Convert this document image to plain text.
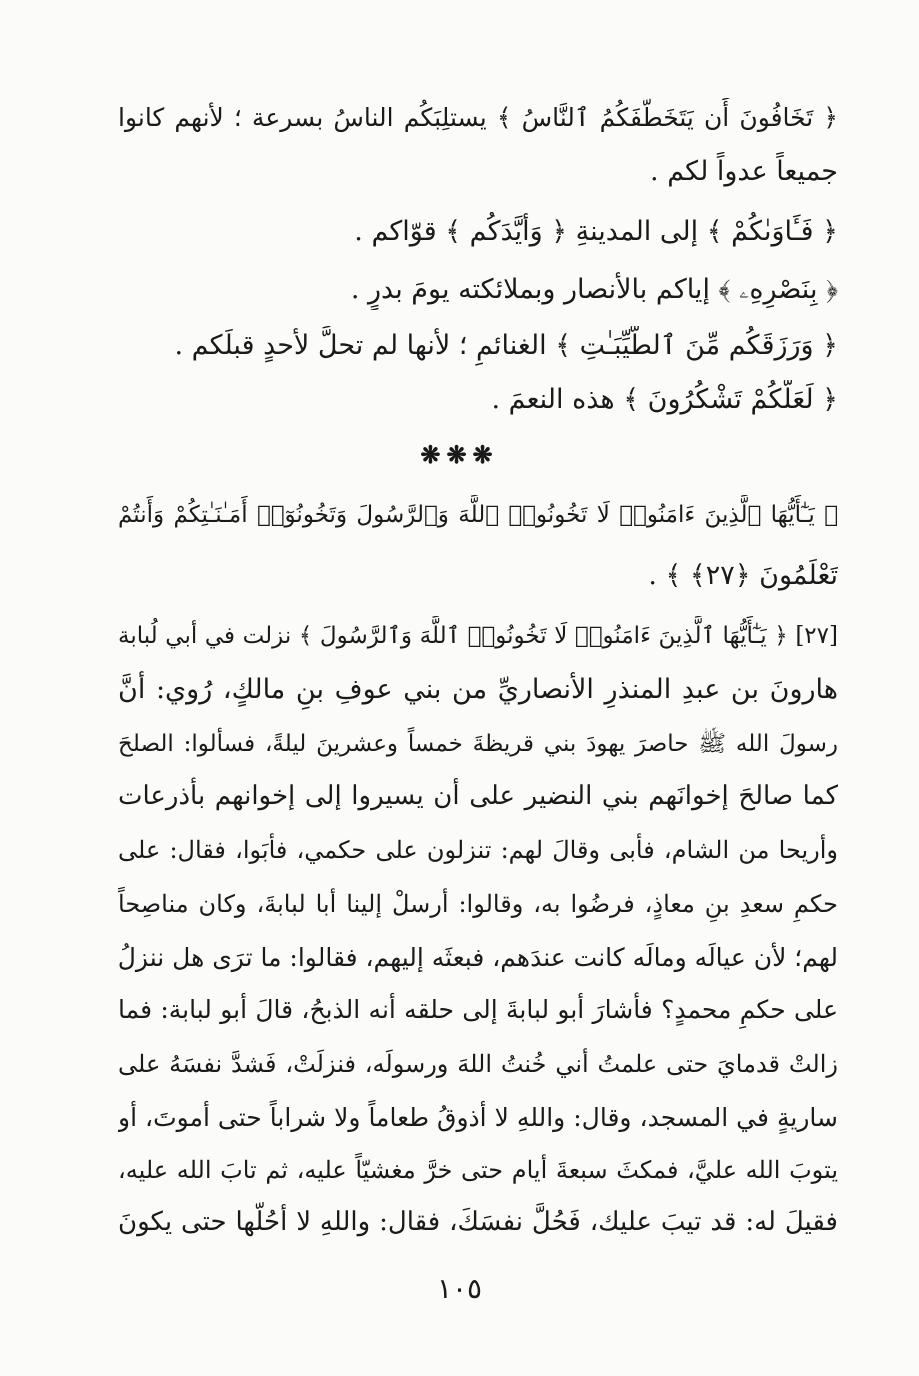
﴿ تَخَافُونَ أَن يَتَخَطَّفَكُمُ ٱلنَّاسُ ﴾ يستلِبَكُم الناسُ بسرعة ؛ لأنهم كانوا
جميعاً عدواً لكم .
﴿ فَـَٔاوَىٰكُمْ ﴾ إلى المدينةِ ﴿ وَأَيَّدَكُم ﴾ قوّاكم .
﴿ بِنَصْرِهِۦ ﴾ إياكم بالأنصار وبملائكته يومَ بدرٍ .
﴿ وَرَزَقَكُم مِّنَ ٱلطَّيِّبَـٰتِ ﴾ الغنائمِ ؛ لأنها لم تحلَّ لأحدٍ قبلَكم .
﴿ لَعَلَّكُمْ تَشْكُرُونَ ﴾ هذه النعمَ .
❋❋❋
﴿ يَـٰٓأَيُّهَا ٱلَّذِينَ ءَامَنُوا۟ لَا تَخُونُوا۟ ٱللَّهَ وَٱلرَّسُولَ وَتَخُونُوٓا۟ أَمَـٰنَـٰتِكُمْ وَأَنتُمْ
تَعْلَمُونَ ﴿٢٧﴾ ﴾ .
[٢٧] ﴿ يَـٰٓأَيُّهَا ٱلَّذِينَ ءَامَنُوا۟ لَا تَخُونُوا۟ ٱللَّهَ وَٱلرَّسُولَ ﴾ نزلت في أبي لُبابة
هارونَ بن عبدِ المنذرِ الأنصاريِّ من بني عوفِ بنِ مالكٍ، رُوي: أنَّ
رسولَ الله ﷺ حاصرَ يهودَ بني قريظةَ خمساً وعشرينَ ليلةً، فسألوا: الصلحَ
كما صالحَ إخوانَهم بني النضير على أن يسيروا إلى إخوانهم بأذرعات
وأريحا من الشام، فأبى وقالَ لهم: تنزلون على حكمي، فأبَوا، فقال: على
حكمِ سعدِ بنِ معاذٍ، فرضُوا به، وقالوا: أرسلْ إلينا أبا لبابةَ، وكان مناصِحاً
لهم؛ لأن عيالَه ومالَه كانت عندَهم، فبعثَه إليهم، فقالوا: ما ترَى هل ننزلُ
على حكمِ محمدٍ؟ فأشارَ أبو لبابةَ إلى حلقه أنه الذبحُ، قالَ أبو لبابة: فما
زالتْ قدمايَ حتى علمتُ أني خُنتُ اللهَ ورسولَه، فنزلَتْ، فَشدَّ نفسَهُ على
ساريةٍ في المسجد، وقال: واللهِ لا أذوقُ طعاماً ولا شراباً حتى أموتَ، أو
يتوبَ الله عليَّ، فمكثَ سبعةَ أيام حتى خرَّ مغشيّاً عليه، ثم تابَ الله عليه،
فقيلَ له: قد تيبَ عليك، فَحُلَّ نفسَكَ، فقال: واللهِ لا أحُلُّها حتى يكونَ
١٠٥
